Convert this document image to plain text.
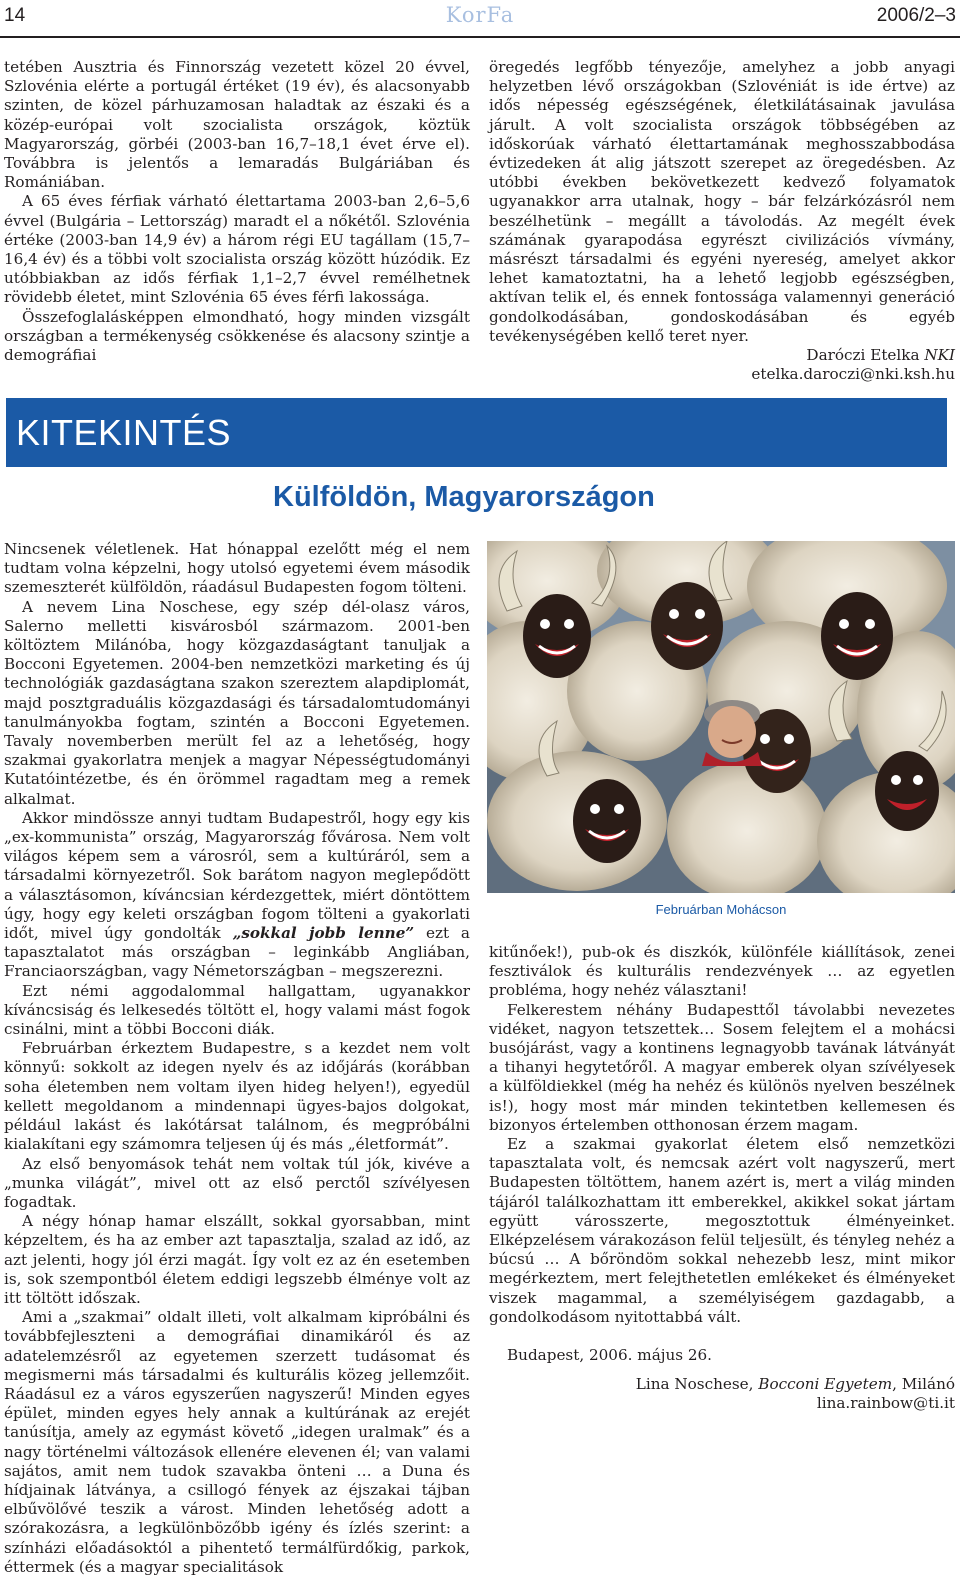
14	KorFa	2006/2–3

tetében Ausztria és Finnország vezetett közel 20 évvel, Szlovénia elérte a portugál értéket (19 év), és alacsonyabb szinten, de közel párhuzamosan haladtak az északi és a közép-európai volt szocialista országok, köztük Magyarország, görbéi (2003-ban 16,7–18,1 évet érve el). Továbbra is jelentős a lemaradás Bulgáriában és Romániában.

A 65 éves férfiak várható élettartama 2003-ban 2,6–5,6 évvel (Bulgária – Lettország) maradt el a nőkétől. Szlovénia értéke (2003-ban 14,9 év) a három régi EU tagállam (15,7–16,4 év) és a többi volt szocialista ország között húzódik. Ez utóbbiakban az idős férfiak 1,1–2,7 évvel remélhetnek rövidebb életet, mint Szlovénia 65 éves férfi lakossága.

Összefoglalásképpen elmondható, hogy minden vizsgált országban a termékenység csökkenése és alacsony szintje a demográfiai

öregedés legfőbb tényezője, amelyhez a jobb anyagi helyzetben lévő országokban (Szlovéniát is ide értve) az idős népesség egészségének, életkilátásainak javulása járult. A volt szocialista országok többségében az időskorúak várható élettartamának meghosszabbodása évtizedeken át alig játszott szerepet az öregedésben. Az utóbbi években bekövetkezett kedvező folyamatok ugyanakkor arra utalnak, hogy – bár felzárkózásról nem beszélhetünk – megállt a távolodás. Az megélt évek számának gyarapodása egyrészt civilizációs vívmány, másrészt társadalmi és egyéni nyereség, amelyet akkor lehet kamatoztatni, ha a lehető legjobb egészségben, aktívan telik el, és ennek fontossága valamennyi generáció gondolkodásában, gondoskodásában és egyéb tevékenységében kellő teret nyer.

Daróczi Etelka NKI

etelka.daroczi@nki.ksh.hu

KITEKINTÉS
Külföldön, Magyarországon

Nincsenek véletlenek. Hat hónappal ezelőtt még el nem tudtam volna képzelni, hogy utolsó egyetemi évem második szemeszterét külföldön, ráadásul Budapesten fogom tölteni.

A nevem Lina Noschese, egy szép dél-olasz város, Salerno melletti kisvárosból származom. 2001-ben költöztem Milánóba, hogy közgazdaságtant tanuljak a Bocconi Egyetemen. 2004-ben nemzetközi marketing és új technológiák gazdaságtana szakon szereztem alapdiplomát, majd posztgraduális közgazdasági és társadalomtudományi tanulmányokba fogtam, szintén a Bocconi Egyetemen. Tavaly novemberben merült fel az a lehetőség, hogy szakmai gyakorlatra menjek a magyar Népességtudományi Kutatóintézetbe, és én örömmel ragadtam meg a remek alkalmat.

Akkor mindössze annyi tudtam Budapestről, hogy egy kis „ex-kommunista” ország, Magyarország fővárosa. Nem volt világos képem sem a városról, sem a kultúráról, sem a társadalmi környezetről. Sok barátom nagyon meglepődött a választásomon, kíváncsian kérdezgettek, miért döntöttem úgy, hogy egy keleti országban fogom tölteni a gyakorlati időt, mivel úgy gondolták „sokkal jobb lenne” ezt a tapasztalatot más országban – leginkább Angliában, Franciaországban, vagy Németországban – megszerezni.

Ezt némi aggodalommal hallgattam, ugyanakkor kíváncsiság és lelkesedés töltött el, hogy valami mást fogok csinálni, mint a többi Bocconi diák.

Februárban érkeztem Budapestre, s a kezdet nem volt könnyű: sokkolt az idegen nyelv és az időjárás (korábban soha életemben nem voltam ilyen hideg helyen!), egyedül kellett megoldanom a mindennapi ügyes-bajos dolgokat, például lakást és lakótársat találnom, és megpróbálni kialakítani egy számomra teljesen új és más „életformát”.

Az első benyomások tehát nem voltak túl jók, kivéve a „munka világát”, mivel ott az első perctől szívélyesen fogadtak.

A négy hónap hamar elszállt, sokkal gyorsabban, mint képzeltem, és ha az ember azt tapasztalja, szalad az idő, az azt jelenti, hogy jól érzi magát. Így volt ez az én esetemben is, sok szempontból életem eddigi legszebb élménye volt az itt töltött időszak.

Ami a „szakmai” oldalt illeti, volt alkalmam kipróbálni és továbbfejleszteni a demográfiai dinamikáról és az adatelemzésről az egyetemen szerzett tudásomat és megismerni más társadalmi és kulturális közeg jellemzőit. Ráadásul ez a város egyszerűen nagyszerű! Minden egyes épület, minden egyes hely annak a kultúrának az erejét tanúsítja, amely az egymást követő „idegen uralmak” és a nagy történelmi változások ellenére elevenen él; van valami sajátos, amit nem tudok szavakba önteni … a Duna és hídjainak látványa, a csillogó fények az éjszakai tájban elbűvölővé teszik a várost. Minden lehetőség adott a szórakozásra, a legkülönbözőbb igény és ízlés szerint: a színházi előadásoktól a pihentető termálfürdőkig, parkok, éttermek (és a magyar specialitások

Februárban Mohácson

kitűnőek!), pub-ok és diszkók, különféle kiállítások, zenei fesztiválok és kulturális rendezvények … az egyetlen probléma, hogy nehéz választani!

Felkerestem néhány Budapesttől távolabbi nevezetes vidéket, nagyon tetszettek… Sosem felejtem el a mohácsi busójárást, vagy a kontinens legnagyobb tavának látványát a tihanyi hegytetőről. A magyar emberek olyan szívélyesek a külföldiekkel (még ha nehéz és különös nyelven beszélnek is!), hogy most már minden tekintetben kellemesen és bizonyos értelemben otthonosan érzem magam.

Ez a szakmai gyakorlat életem első nemzetközi tapasztalata volt, és nemcsak azért volt nagyszerű, mert Budapesten töltöttem, hanem azért is, mert a világ minden tájáról találkozhattam itt emberekkel, akikkel sokat jártam együtt városszerte, megosztottuk élményeinket. Elképzelésem várakozáson felül teljesült, és tényleg nehéz a búcsú … A bőröndöm sokkal nehezebb lesz, mint mikor megérkeztem, mert felejthetetlen emlékeket és élményeket viszek magammal, a személyiségem gazdagabb, a gondolkodásom nyitottabbá vált.

Budapest, 2006. május 26.

Lina Noschese, Bocconi Egyetem, Milánó

lina.rainbow@ti.it
